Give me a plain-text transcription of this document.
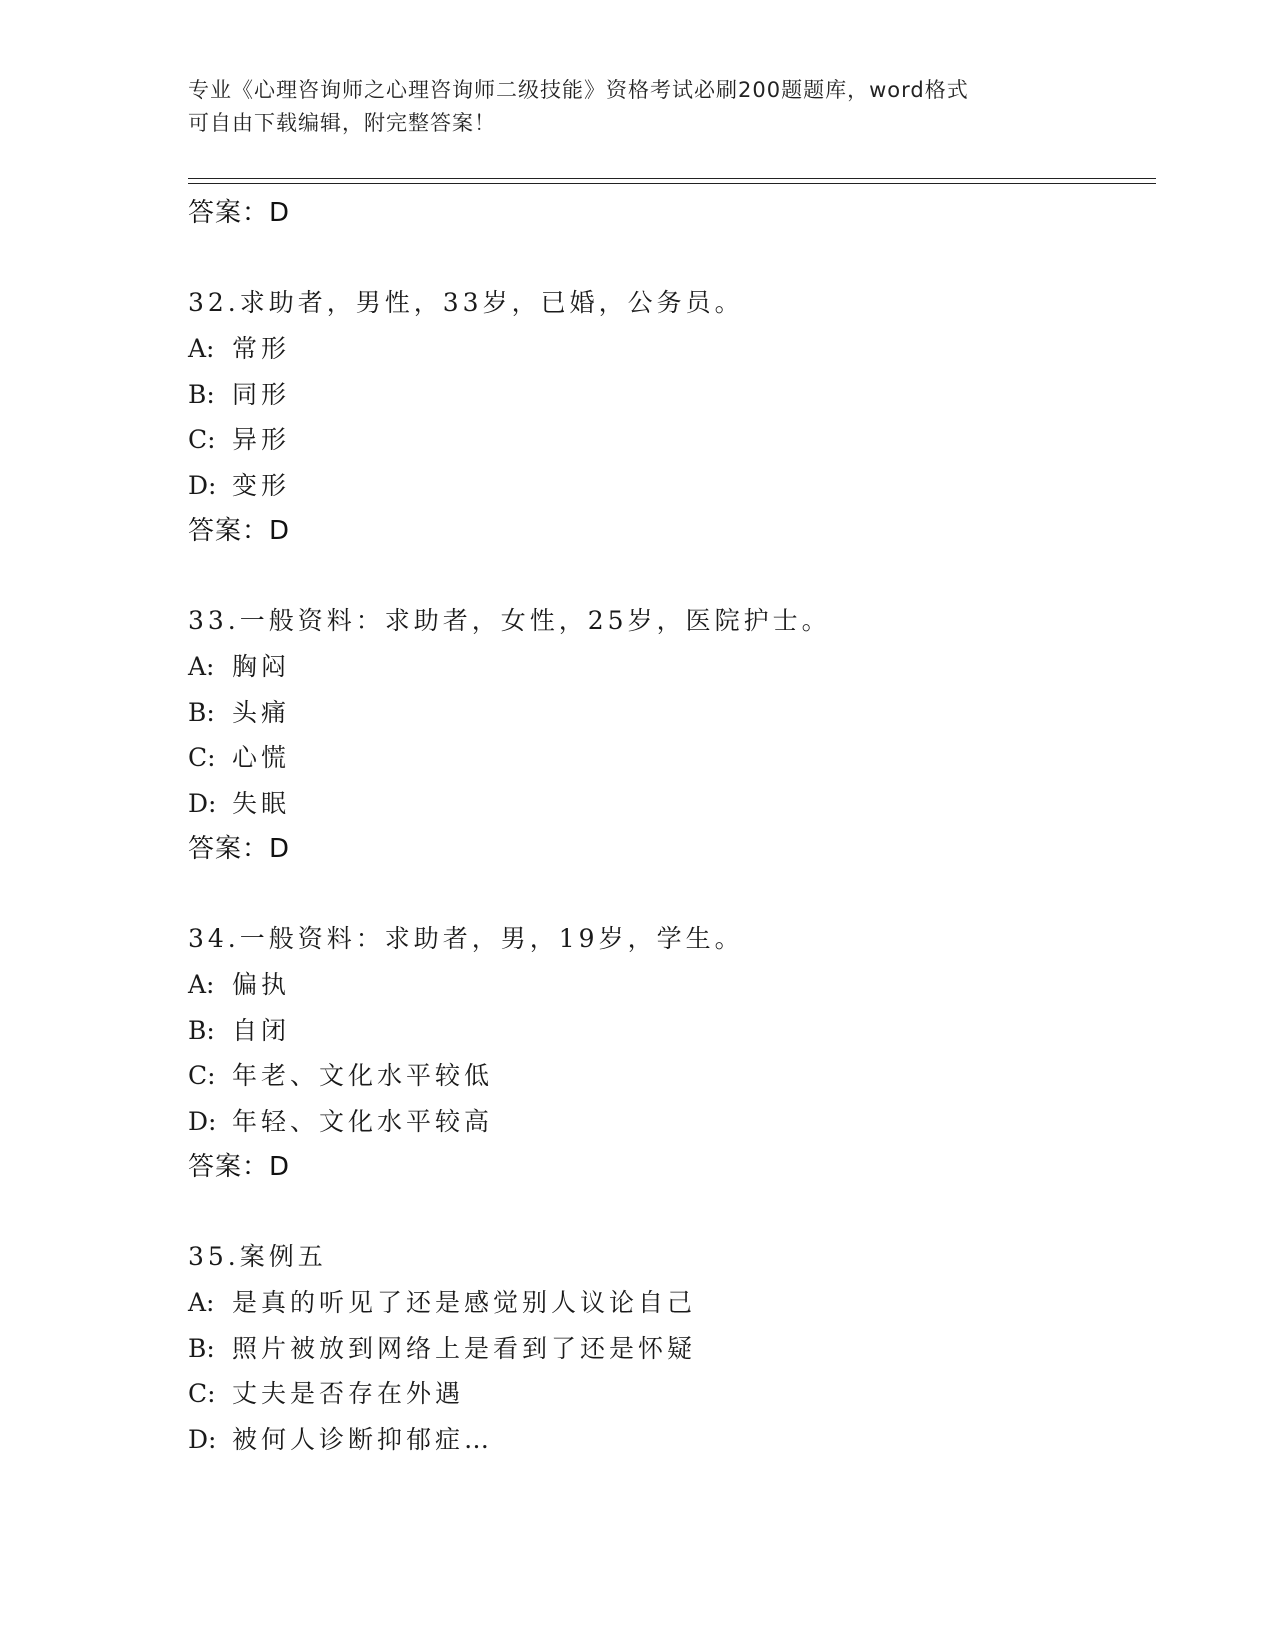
专业《心理咨询师之心理咨询师二级技能》资格考试必刷200题题库，word格式
可自由下载编辑，附完整答案！
答案：D
32.求助者，男性，33岁，已婚，公务员。
A: 常形
B: 同形
C: 异形
D: 变形
答案：D
33.一般资料：求助者，女性，25岁，医院护士。
A: 胸闷
B: 头痛
C: 心慌
D: 失眠
答案：D
34.一般资料：求助者，男，19岁，学生。
A: 偏执
B: 自闭
C: 年老、文化水平较低
D: 年轻、文化水平较高
答案：D
35.案例五
A: 是真的听见了还是感觉别人议论自己
B: 照片被放到网络上是看到了还是怀疑
C: 丈夫是否存在外遇
D: 被何人诊断抑郁症…
